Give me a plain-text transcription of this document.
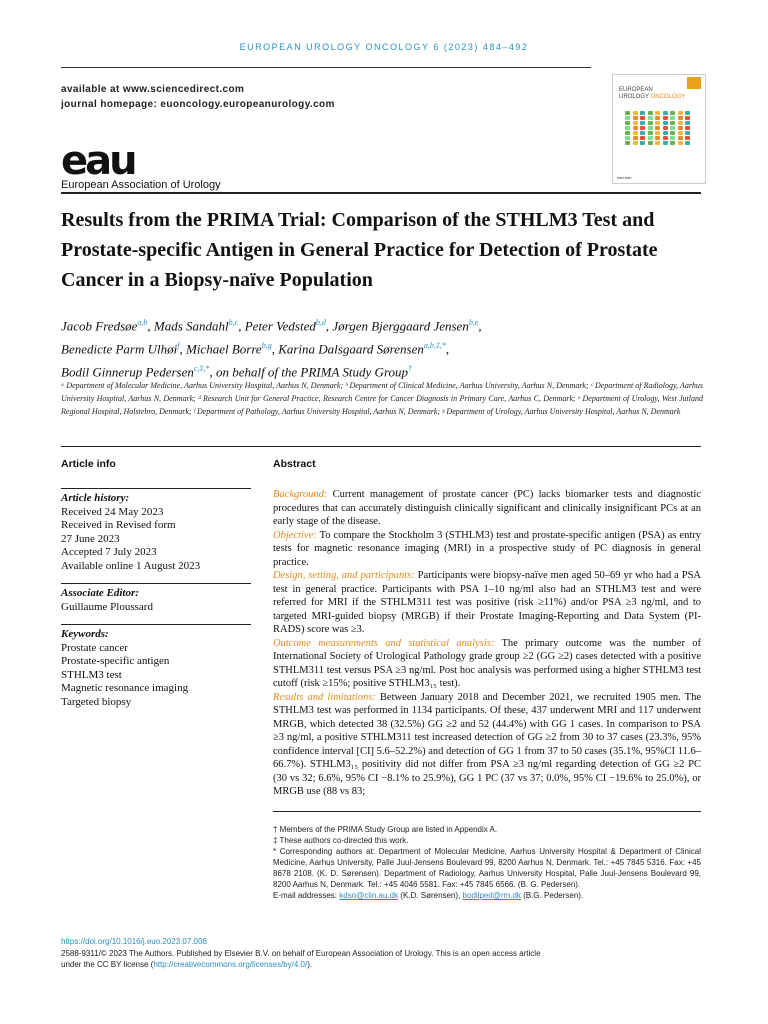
EUROPEAN UROLOGY ONCOLOGY 6 (2023) 484–492
available at www.sciencedirect.com
journal homepage: euoncology.europeanurology.com
eau
European Association of Urology
EUROPEAN
UROLOGY ONCOLOGY
eau eau
Results from the PRIMA Trial: Comparison of the STHLM3 Test and Prostate-specific Antigen in General Practice for Detection of Prostate Cancer in a Biopsy-naïve Population
Jacob Fredsøe$^{a,b}$, Mads Sandahl$^{b,c}$, Peter Vedsted$^{b,d}$, Jørgen Bjerggaard Jensen$^{b,e}$,
Benedicte Parm Ulhøi$^f$, Michael Borre$^{b,g}$, Karina Dalsgaard Sørensen$^{a,b,\ddagger,*}$,
Bodil Ginnerup Pedersen$^{c,\ddagger,*}$, on behalf of the PRIMA Study Group†
ᵃ Department of Molecular Medicine, Aarhus University Hospital, Aarhus N, Denmark; ᵇ Department of Clinical Medicine, Aarhus University, Aarhus N, Denmark; ᶜ Department of Radiology, Aarhus University Hospital, Aarhus N, Denmark; ᵈ Research Unit for General Practice, Research Centre for Cancer Diagnosis in Primary Care, Aarhus C, Denmark; ᵉ Department of Urology, West Jutland Regional Hospital, Holstebro, Denmark; ᶠ Department of Pathology, Aarhus University Hospital, Aarhus N, Denmark; ᵍ Department of Urology, Aarhus University Hospital, Aarhus N, Denmark
Article info
Article history:
Received 24 May 2023
Received in Revised form
27 June 2023
Accepted 7 July 2023
Available online 1 August 2023
Associate Editor:
Guillaume Ploussard
Keywords:
Prostate cancer
Prostate-specific antigen
STHLM3 test
Magnetic resonance imaging
Targeted biopsy
Abstract

Background: Current management of prostate cancer (PC) lacks biomarker tests and diagnostic procedures that can accurately distinguish clinically significant and clinically insignificant PCs at an early stage of the disease.

Objective: To compare the Stockholm 3 (STHLM3) test and prostate-specific antigen (PSA) as entry tests for magnetic resonance imaging (MRI) in a prospective study of PC diagnosis in general practice.

Design, setting, and participants: Participants were biopsy-naïve men aged 50–69 yr who had a PSA test in general practice. Participants with PSA 1–10 ng/ml also had an STHLM3 test and were referred for MRI if the STHLM311 test was positive (risk ≥11%) and/or PSA ≥3 ng/ml, and to targeted MRI-guided biopsy (MRGB) if their Prostate Imaging-Reporting and Data System (PI-RADS) score was ≥3.

Outcome measurements and statistical analysis: The primary outcome was the number of International Society of Urological Pathology grade group ≥2 (GG ≥2) cases detected with a positive STHLM311 test versus PSA ≥3 ng/ml. Post hoc analysis was performed using a higher STHLM3 test cutoff (risk ≥15%; positive STHLM3₁₅ test).

Results and limitations: Between January 2018 and December 2021, we recruited 1905 men. The STHLM3 test was performed in 1134 participants. Of these, 437 underwent MRI and 117 underwent MRGB, which detected 38 (32.5%) GG ≥2 and 52 (44.4%) with GG 1 cases. In comparison to PSA ≥3 ng/ml, a positive STHLM311 test increased detection of GG ≥2 from 30 to 37 cases (23.3%, 95% confidence interval [CI] 5.6–52.2%) and detection of GG 1 from 37 to 50 cases (35.1%, 95%CI 11.6–66.7%). STHLM3₁₅ positivity did not differ from PSA ≥3 ng/ml regarding detection of GG ≥2 PC (30 vs 32; 6.6%, 95% CI −8.1% to 25.9%), GG 1 PC (37 vs 37; 0.0%, 95% CI −19.6% to 25.0%), or MRGB use (88 vs 83;

† Members of the PRIMA Study Group are listed in Appendix A.

‡ These authors co-directed this work.

* Corresponding authors at: Department of Molecular Medicine, Aarhus University Hospital & Department of Clinical Medicine, Aarhus University, Palle Juul-Jensens Boulevard 99, 8200 Aarhus N, Denmark. Tel.: +45 7845 5316. Fax: +45 8678 2108. (K. D. Sørensen). Department of Radiology, Aarhus University Hospital, Palle Juul-Jensens Boulevard 99, 8200 Aarhus N, Denmark. Tel.: +45 4046 5581. Fax: +45 7845 6566. (B. G. Pedersen).

E-mail addresses: kdso@clin.au.dk (K.D. Sørensen), bodilped@rm.dk (B.G. Pedersen).

https://doi.org/10.1016/j.euo.2023.07.006

2588-9311/© 2023 The Authors. Published by Elsevier B.V. on behalf of European Association of Urology. This is an open access article

under the CC BY license (http://creativecommons.org/licenses/by/4.0/).
